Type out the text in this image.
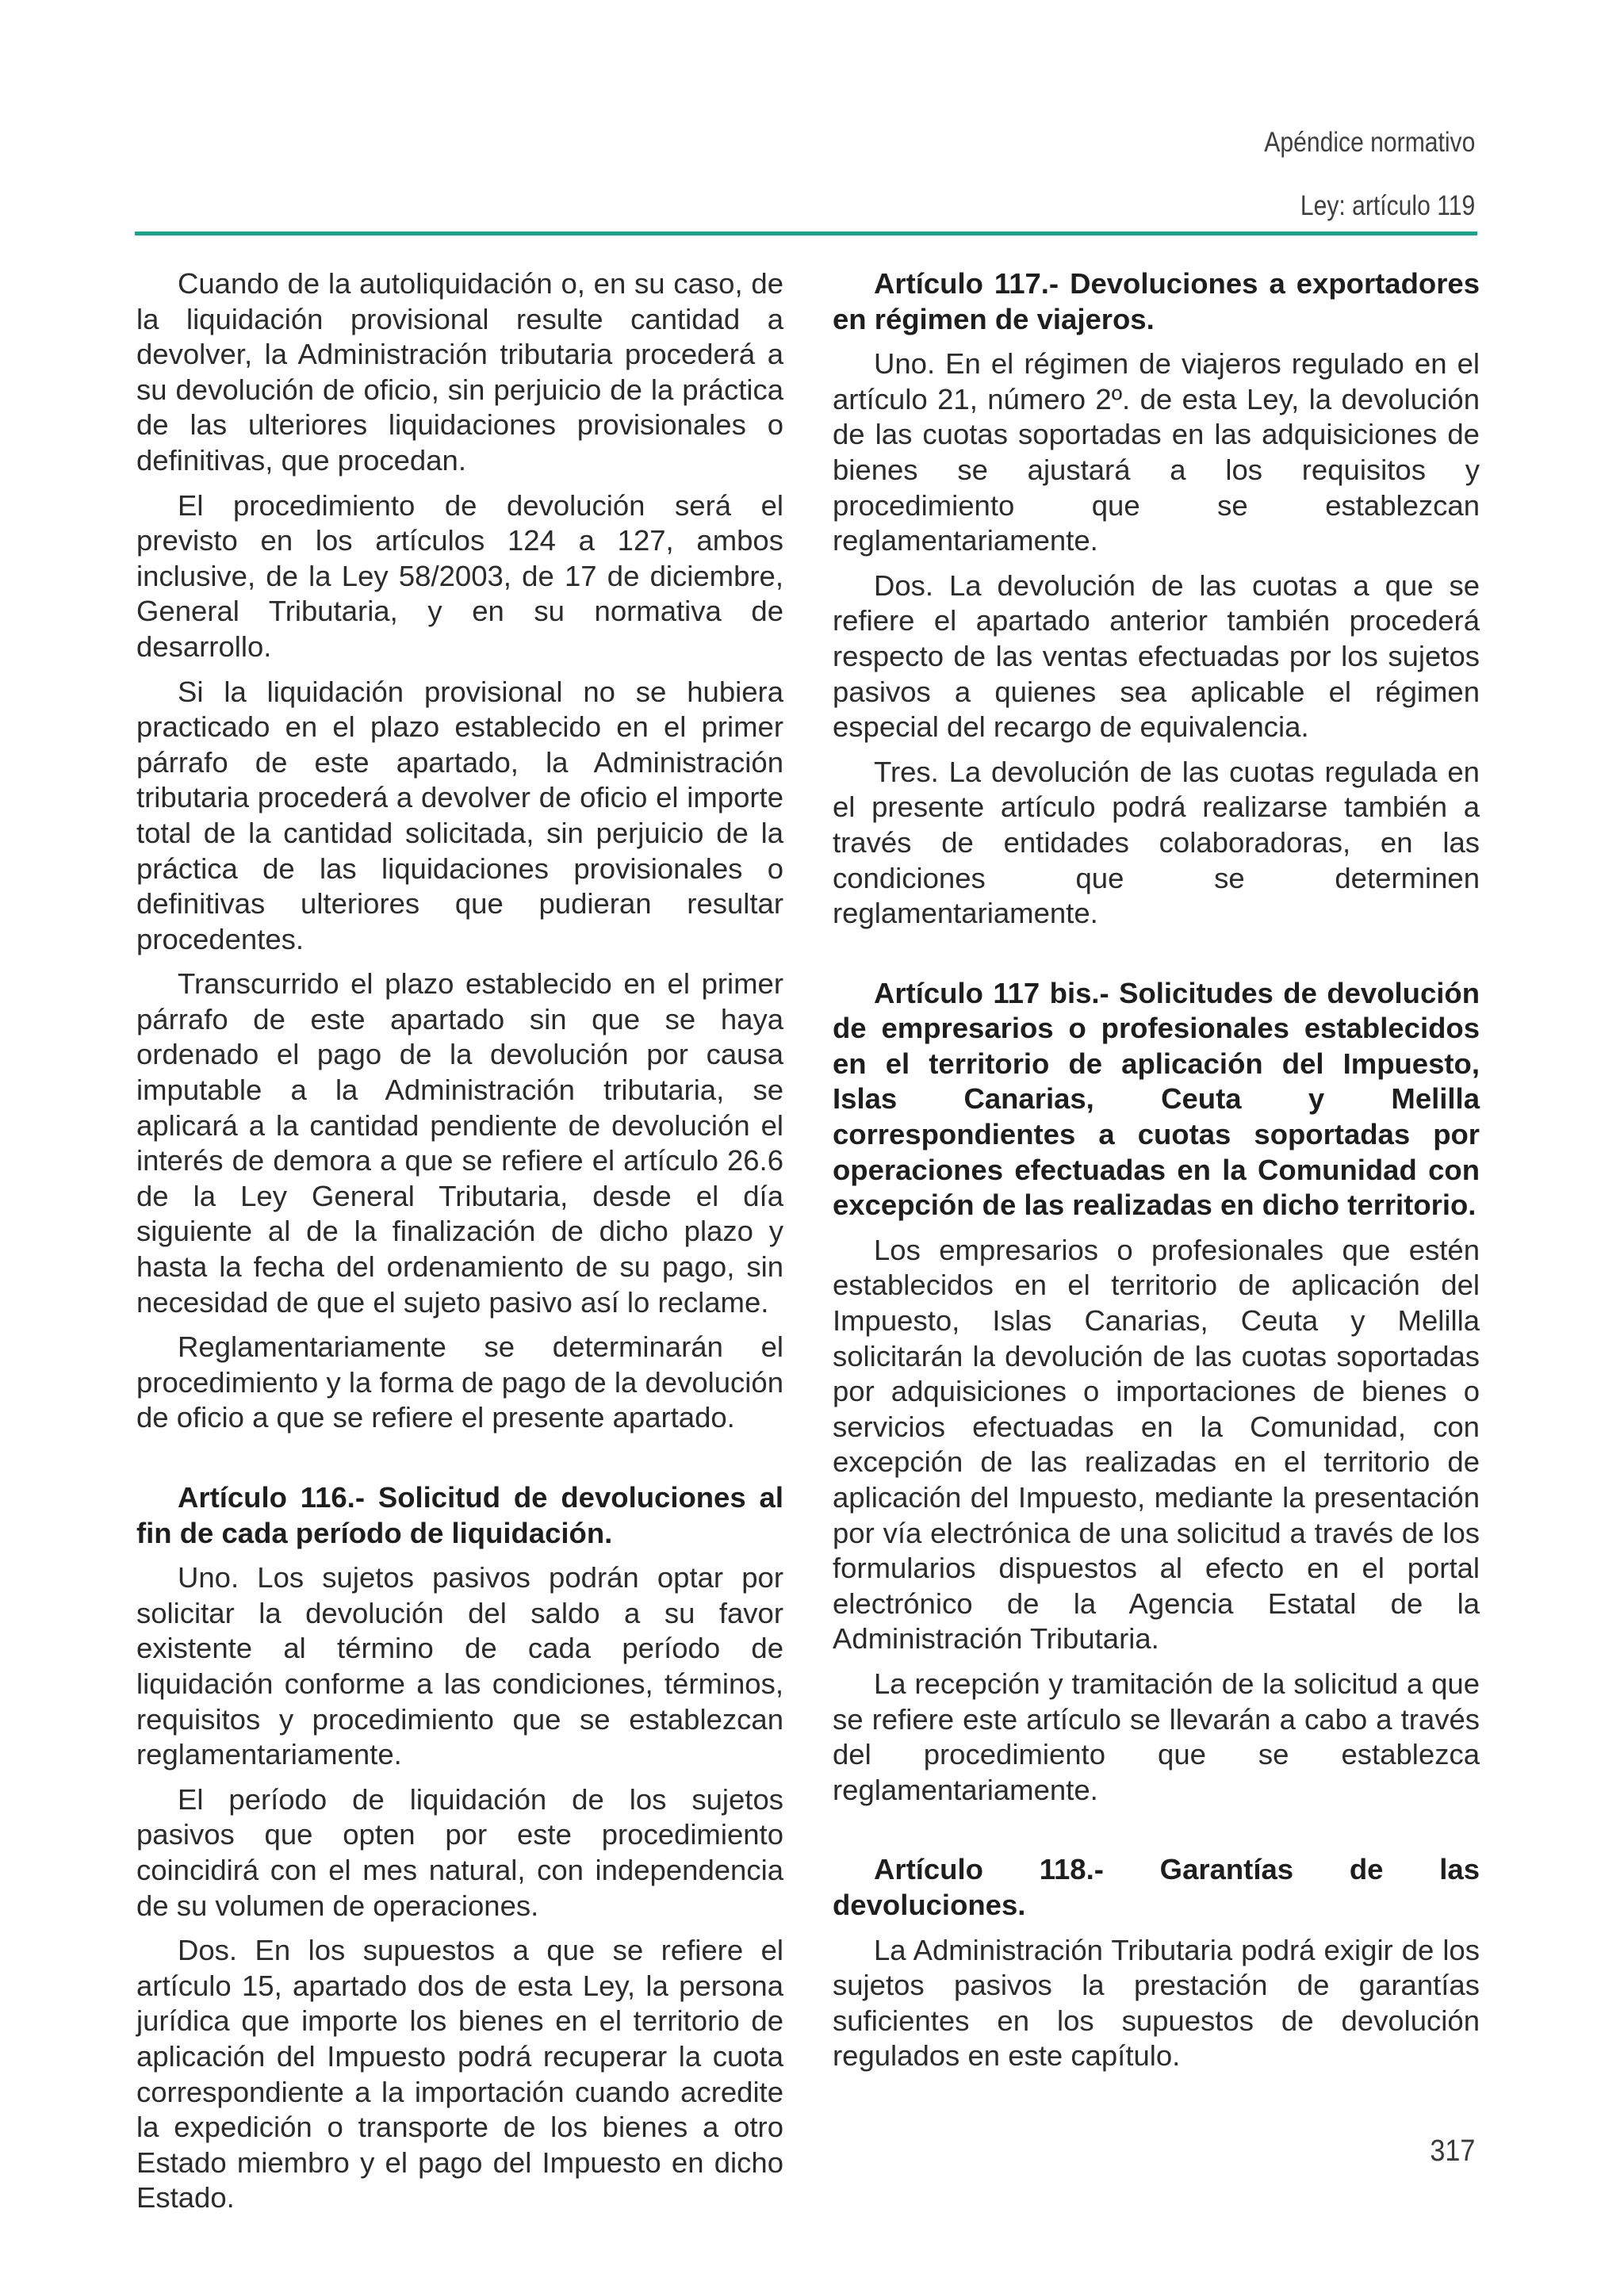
Apéndice normativo
Ley: artículo 119

Cuando de la autoliquidación o, en su caso, de la liquidación provisional resulte cantidad a devolver, la Administración tributaria procederá a su devolución de oficio, sin perjuicio de la práctica de las ulteriores liquidaciones provisionales o definitivas, que procedan.

El procedimiento de devolución será el previsto en los artículos 124 a 127, ambos inclusive, de la Ley 58/2003, de 17 de diciembre, General Tributaria, y en su normativa de desarrollo.

Si la liquidación provisional no se hubiera practicado en el plazo establecido en el primer párrafo de este apartado, la Administración tributaria procederá a devolver de oficio el importe total de la cantidad solicitada, sin perjuicio de la práctica de las liquidaciones provisionales o definitivas ulteriores que pudieran resultar procedentes.

Transcurrido el plazo establecido en el primer párrafo de este apartado sin que se haya ordenado el pago de la devolución por causa imputable a la Administración tributaria, se aplicará a la cantidad pendiente de devolución el interés de demora a que se refiere el artículo 26.6 de la Ley General Tributaria, desde el día siguiente al de la finalización de dicho plazo y hasta la fecha del ordenamiento de su pago, sin necesidad de que el sujeto pasivo así lo reclame.

Reglamentariamente se determinarán el procedimiento y la forma de pago de la devolución de oficio a que se refiere el presente apartado.

Artículo 116.- Solicitud de devoluciones al fin de cada período de liquidación.

Uno. Los sujetos pasivos podrán optar por solicitar la devolución del saldo a su favor existente al término de cada período de liquidación conforme a las condiciones, términos, requisitos y procedimiento que se establezcan reglamentariamente.

El período de liquidación de los sujetos pasivos que opten por este procedimiento coincidirá con el mes natural, con independencia de su volumen de operaciones.

Dos. En los supuestos a que se refiere el artículo 15, apartado dos de esta Ley, la persona jurídica que importe los bienes en el territorio de aplicación del Impuesto podrá recuperar la cuota correspondiente a la importación cuando acredite la expedición o transporte de los bienes a otro Estado miembro y el pago del Impuesto en dicho Estado.

Artículo 117.- Devoluciones a exportadores en régimen de viajeros.

Uno. En el régimen de viajeros regulado en el artículo 21, número 2º. de esta Ley, la devolución de las cuotas soportadas en las adquisiciones de bienes se ajustará a los requisitos y procedimiento que se establezcan reglamentariamente.

Dos. La devolución de las cuotas a que se refiere el apartado anterior también procederá respecto de las ventas efectuadas por los sujetos pasivos a quienes sea aplicable el régimen especial del recargo de equivalencia.

Tres. La devolución de las cuotas regulada en el presente artículo podrá realizarse también a través de entidades colaboradoras, en las condiciones que se determinen reglamentariamente.

Artículo 117 bis.- Solicitudes de devolución de empresarios o profesionales establecidos en el territorio de aplicación del Impuesto, Islas Canarias, Ceuta y Melilla correspondientes a cuotas soportadas por operaciones efectuadas en la Comunidad con excepción de las realizadas en dicho territorio.

Los empresarios o profesionales que estén establecidos en el territorio de aplicación del Impuesto, Islas Canarias, Ceuta y Melilla solicitarán la devolución de las cuotas soportadas por adquisiciones o importaciones de bienes o servicios efectuadas en la Comunidad, con excepción de las realizadas en el territorio de aplicación del Impuesto, mediante la presentación por vía electrónica de una solicitud a través de los formularios dispuestos al efecto en el portal electrónico de la Agencia Estatal de la Administración Tributaria.

La recepción y tramitación de la solicitud a que se refiere este artículo se llevarán a cabo a través del procedimiento que se establezca reglamentariamente.

Artículo 118.- Garantías de las devoluciones.

La Administración Tributaria podrá exigir de los sujetos pasivos la prestación de garantías suficientes en los supuestos de devolución regulados en este capítulo.

317
